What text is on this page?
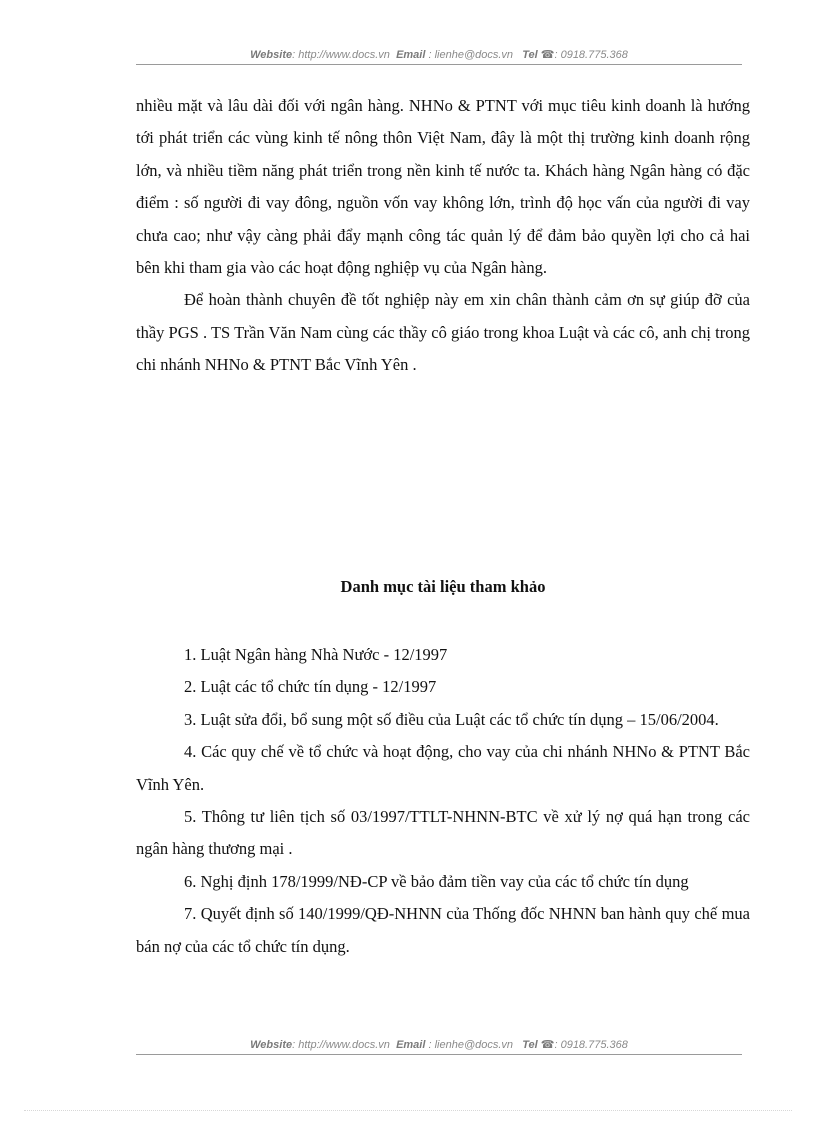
Website: http://www.docs.vn Email : lienhe@docs.vn Tel ☎: 0918.775.368

nhiều mặt và lâu dài đối với ngân hàng. NHNo & PTNT với mục tiêu kinh doanh là hướng tới phát triển các vùng kinh tế nông thôn Việt Nam, đây là một thị trường kinh doanh rộng lớn, và nhiều tiềm năng phát triển trong nền kinh tế nước ta. Khách hàng Ngân hàng có đặc điểm : số người đi vay đông, nguồn vốn vay không lớn, trình độ học vấn của người đi vay chưa cao; như vậy càng phải đẩy mạnh công tác quản lý để đảm bảo quyền lợi cho cả hai bên khi tham gia vào các hoạt động nghiệp vụ của Ngân hàng.

Để hoàn thành chuyên đề tốt nghiệp này em xin chân thành cảm ơn sự giúp đỡ của thầy PGS . TS Trần Văn Nam cùng các thầy cô giáo trong khoa Luật và các cô, anh chị trong chi nhánh NHNo & PTNT Bắc Vĩnh Yên .

Danh mục tài liệu tham khảo

1. Luật Ngân hàng Nhà Nước - 12/1997

2. Luật các tổ chức tín dụng - 12/1997

3. Luật sửa đổi, bổ sung một số điều của Luật các tổ chức tín dụng – 15/06/2004.

4. Các quy chế về tổ chức và hoạt động, cho vay của chi nhánh NHNo & PTNT Bắc Vĩnh Yên.

5. Thông tư liên tịch số 03/1997/TTLT-NHNN-BTC về xử lý nợ quá hạn trong các ngân hàng thương mại .

6. Nghị định 178/1999/NĐ-CP về bảo đảm tiền vay của các tổ chức tín dụng

7. Quyết định số 140/1999/QĐ-NHNN của Thống đốc NHNN ban hành quy chế mua bán nợ của các tổ chức tín dụng.

Website: http://www.docs.vn Email : lienhe@docs.vn Tel ☎: 0918.775.368
